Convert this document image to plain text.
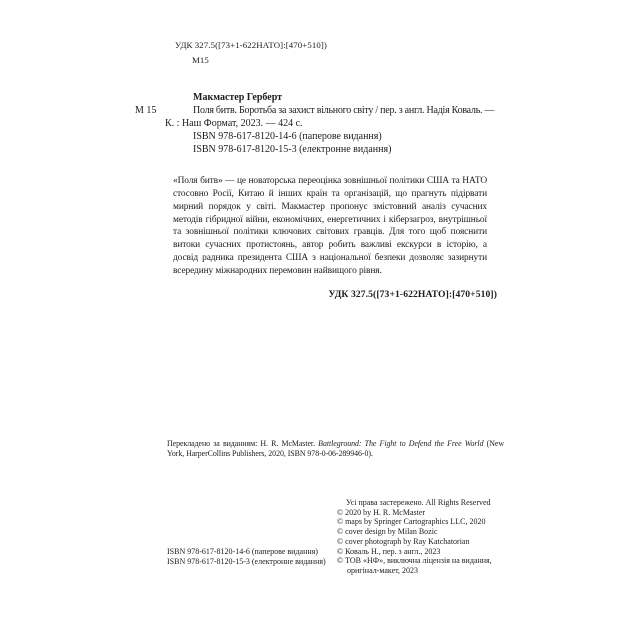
УДК 327.5([73+1-622НАТО]:[470+510])
М15
Макмастер Герберт
М 15	Поля битв. Боротьба за захист вільного світу / пер. з англ. Надія Коваль. —
К. : Наш Формат, 2023. — 424 с.
ISBN 978-617-8120-14-6 (паперове видання)
ISBN 978-617-8120-15-3 (електронне видання)
«Поля битв» — це новаторська переоцінка зовнішньої політики США та НАТО стосовно Росії, Китаю й інших країн та організацій, що прагнуть підірвати мирний порядок у світі. Макмастер пропонує змістовний аналіз сучасних методів гібридної війни, економічних, енергетичних і кіберзагроз, внутрішньої та зовнішньої політики ключових світових гравців. Для того щоб пояснити витоки сучасних протистоянь, автор робить важливі екскурси в історію, а досвід радника президента США з національної безпеки дозволяє зазирнути всередину міжнародних перемовин найвищого рівня.
УДК 327.5([73+1-622НАТО]:[470+510])
Перекладено за виданням: H. R. McMaster. Battleground: The Fight to Defend the Free World (New York, HarperCollins Publishers, 2020, ISBN 978-0-06-289946-0).
Усі права застережено. All Rights Reserved
© 2020 by H. R. McMaster
© maps by Springer Cartographics LLC, 2020
© cover design by Milan Bozic
© cover photograph by Ray Katchatorian
© Коваль Н., пер. з англ., 2023
© ТОВ «НФ», виключна ліцензія на видання, оригінал-макет, 2023
ISBN 978-617-8120-14-6 (паперове видання)
ISBN 978-617-8120-15-3 (електронне видання)
